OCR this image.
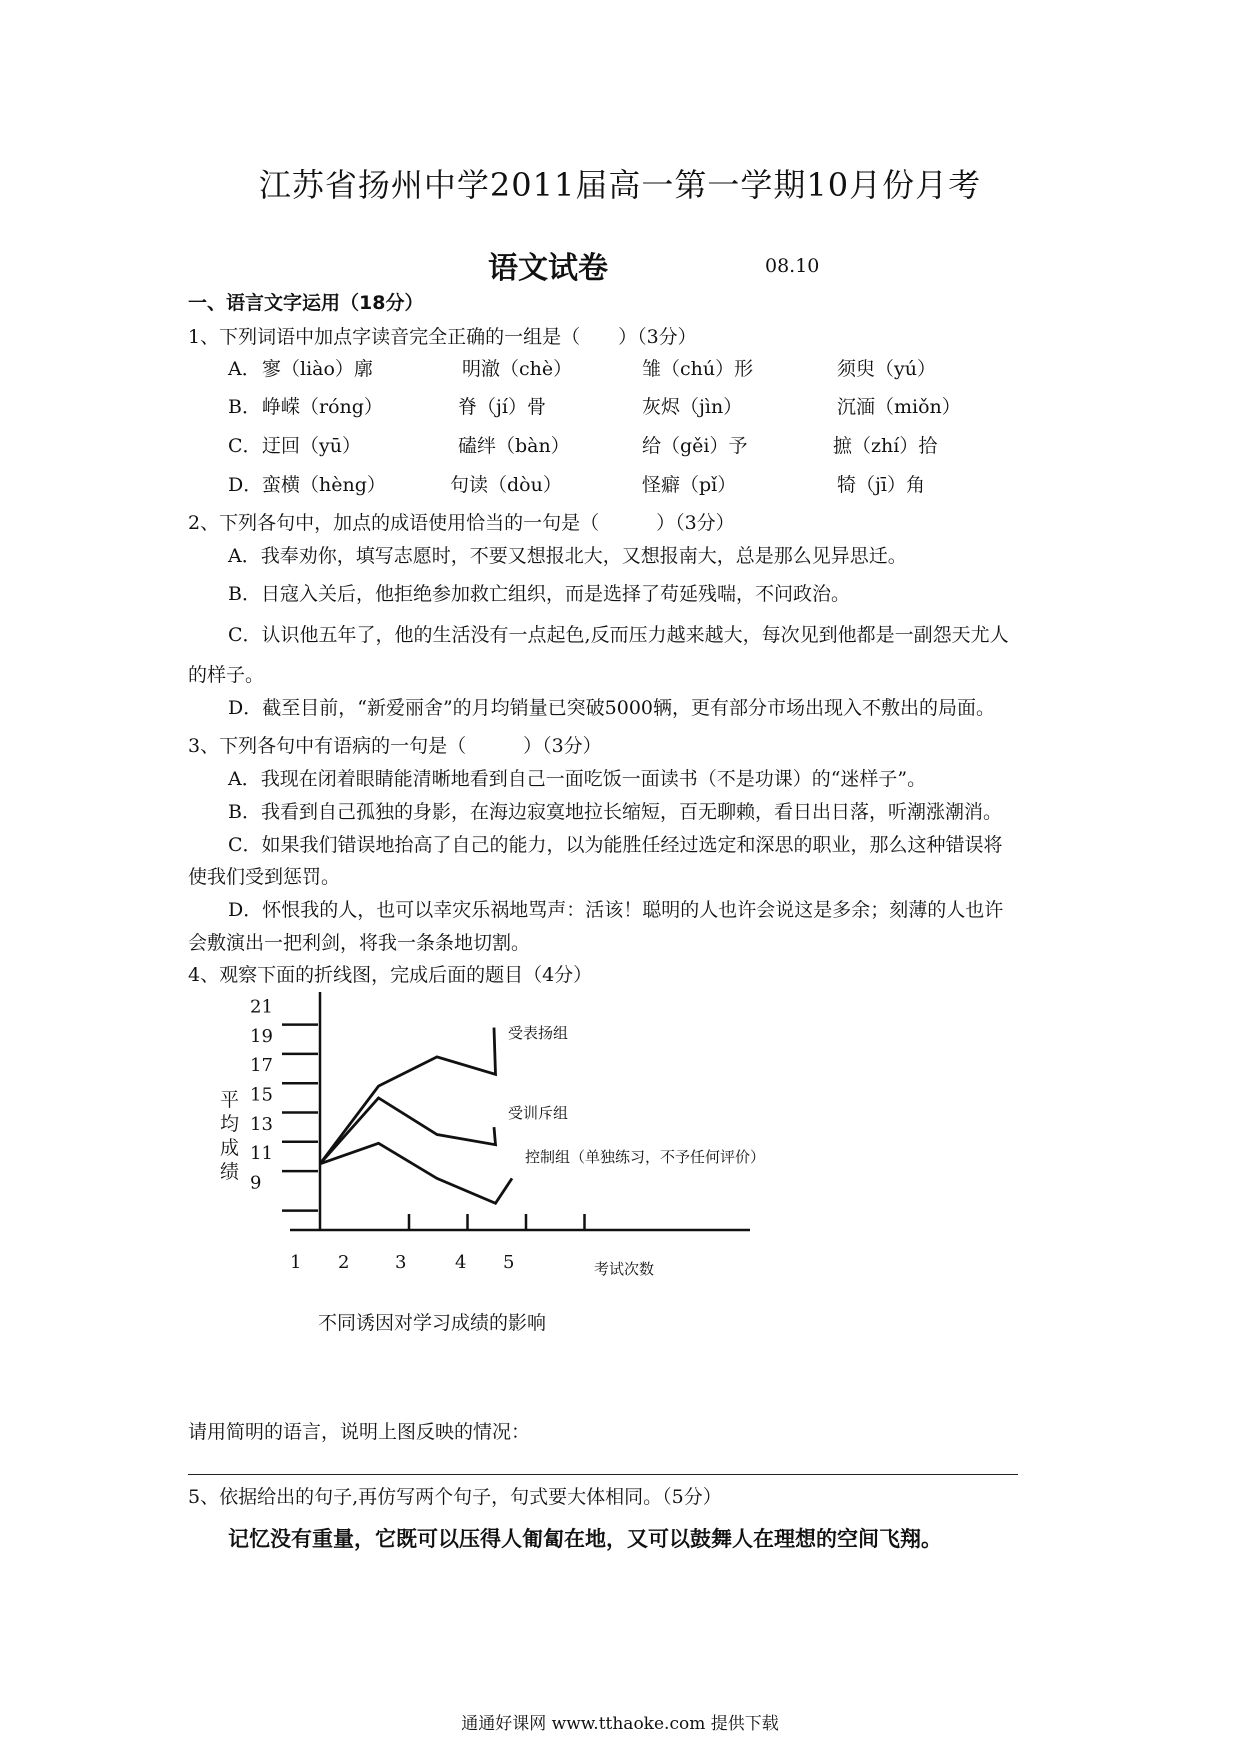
江苏省扬州中学2011届高一第一学期10月份月考
语文试卷	08.10
一、语言文字运用（18分）
1、下列词语中加点字读音完全正确的一组是（　　）（3分）
A． 寥（liào）廓	明澈（chè）	雏（chú）形	须臾（yú）
B． 峥嵘（róng）	脊（jí）骨	灰烬（jìn）	沉湎（miǒn）
C． 迂回（yū）	磕绊（bàn）	给（gěi）予	摭（zhí）拾
D． 蛮横（hèng）	句读（dòu）	怪癖（pǐ）	犄（jī）角
2、下列各句中，加点的成语使用恰当的一句是（　　　）（3分）
A．我奉劝你，填写志愿时，不要又想报北大，又想报南大，总是那么见异思迁。
B．日寇入关后，他拒绝参加救亡组织，而是选择了苟延残喘，不问政治。
C．认识他五年了，他的生活没有一点起色,反而压力越来越大，每次见到他都是一副怨天尤人
的样子。
D．截至目前，“新爱丽舍”的月均销量已突破5000辆，更有部分市场出现入不敷出的局面。
3、下列各句中有语病的一句是（　　　）（3分）
A．我现在闭着眼睛能清晰地看到自己一面吃饭一面读书（不是功课）的“迷样子”。
B．我看到自己孤独的身影，在海边寂寞地拉长缩短，百无聊赖，看日出日落，听潮涨潮消。
C．如果我们错误地抬高了自己的能力，以为能胜任经过选定和深思的职业，那么这种错误将
使我们受到惩罚。
D．怀恨我的人，也可以幸灾乐祸地骂声：活该！聪明的人也许会说这是多余；刻薄的人也许
会敷演出一把利剑，将我一条条地切割。
4、观察下面的折线图，完成后面的题目（4分）
9
11
13
15
17
19
21
1 2	3	4 5
受表扬组
受训斥组
控制组（单独练习，不予任何评价）
平均成绩
考试次数
不同诱因对学习成绩的影响
请用简明的语言，说明上图反映的情况：
5、依据给出的句子,再仿写两个句子，句式要大体相同。（5分）
记忆没有重量，它既可以压得人匍匐在地，又可以鼓舞人在理想的空间飞翔。
通通好课网 www.tthaoke.com 提供下载
